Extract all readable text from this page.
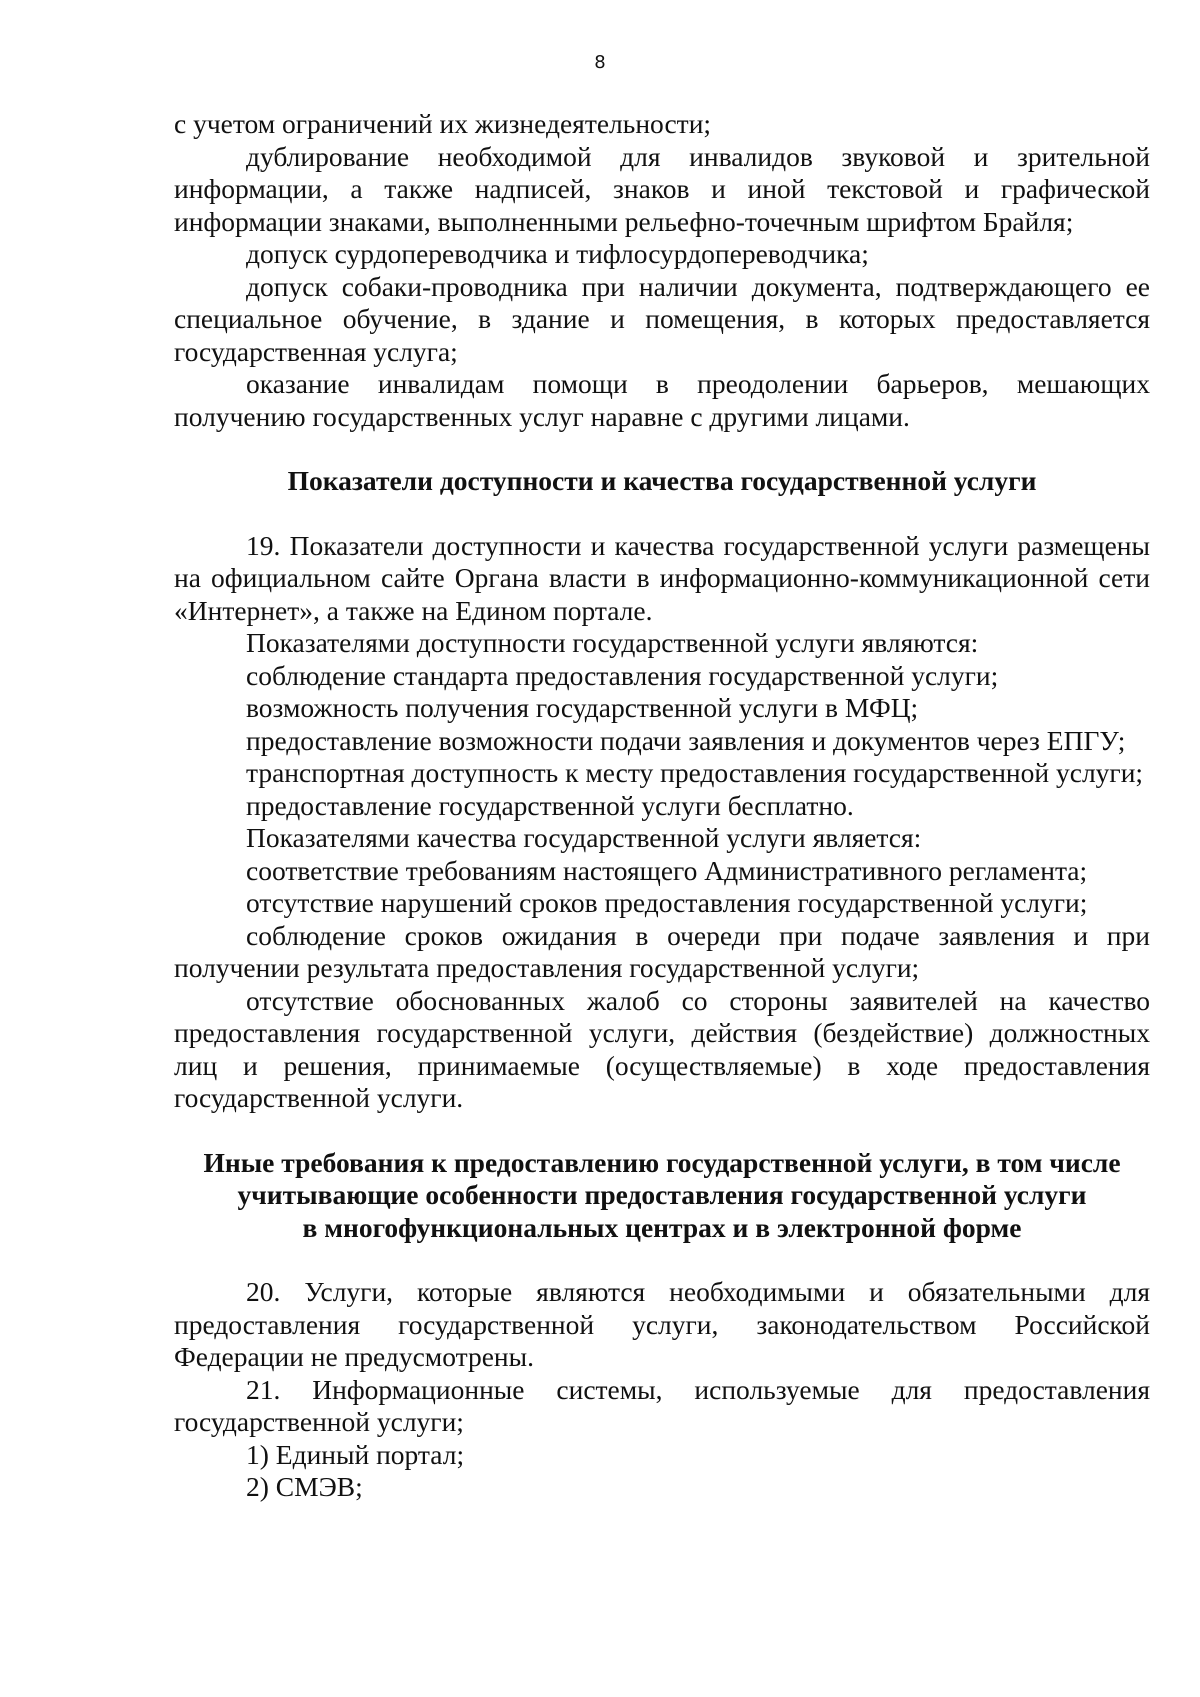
8

с учетом ограничений их жизнедеятельности;

дублирование необходимой для инвалидов звуковой и зрительной информации, а также надписей, знаков и иной текстовой и графической информации знаками, выполненными рельефно-точечным шрифтом Брайля;

допуск сурдопереводчика и тифлосурдопереводчика;

допуск собаки-проводника при наличии документа, подтверждающего ее специальное обучение, в здание и помещения, в которых предоставляется государственная услуга;

оказание инвалидам помощи в преодолении барьеров, мешающих получению государственных услуг наравне с другими лицами.

Показатели доступности и качества государственной услуги

19. Показатели доступности и качества государственной услуги размещены на официальном сайте Органа власти в информационно-коммуникационной сети «Интернет», а также на Едином портале.

Показателями доступности государственной услуги являются:

соблюдение стандарта предоставления государственной услуги;

возможность получения государственной услуги в МФЦ;

предоставление возможности подачи заявления и документов через ЕПГУ;

транспортная доступность к месту предоставления государственной услуги;

предоставление государственной услуги бесплатно.

Показателями качества государственной услуги является:

соответствие требованиям настоящего Административного регламента;

отсутствие нарушений сроков предоставления государственной услуги;

соблюдение сроков ожидания в очереди при подаче заявления и при получении результата предоставления государственной услуги;

отсутствие обоснованных жалоб со стороны заявителей на качество предоставления государственной услуги, действия (бездействие) должностных лиц и решения, принимаемые (осуществляемые) в ходе предоставления государственной услуги.

Иные требования к предоставлению государственной услуги, в том числе
учитывающие особенности предоставления государственной услуги
в многофункциональных центрах и в электронной форме

20. Услуги, которые являются необходимыми и обязательными для предоставления государственной услуги, законодательством Российской Федерации не предусмотрены.

21. Информационные системы, используемые для предоставления государственной услуги;

1) Единый портал;

2) СМЭВ;
